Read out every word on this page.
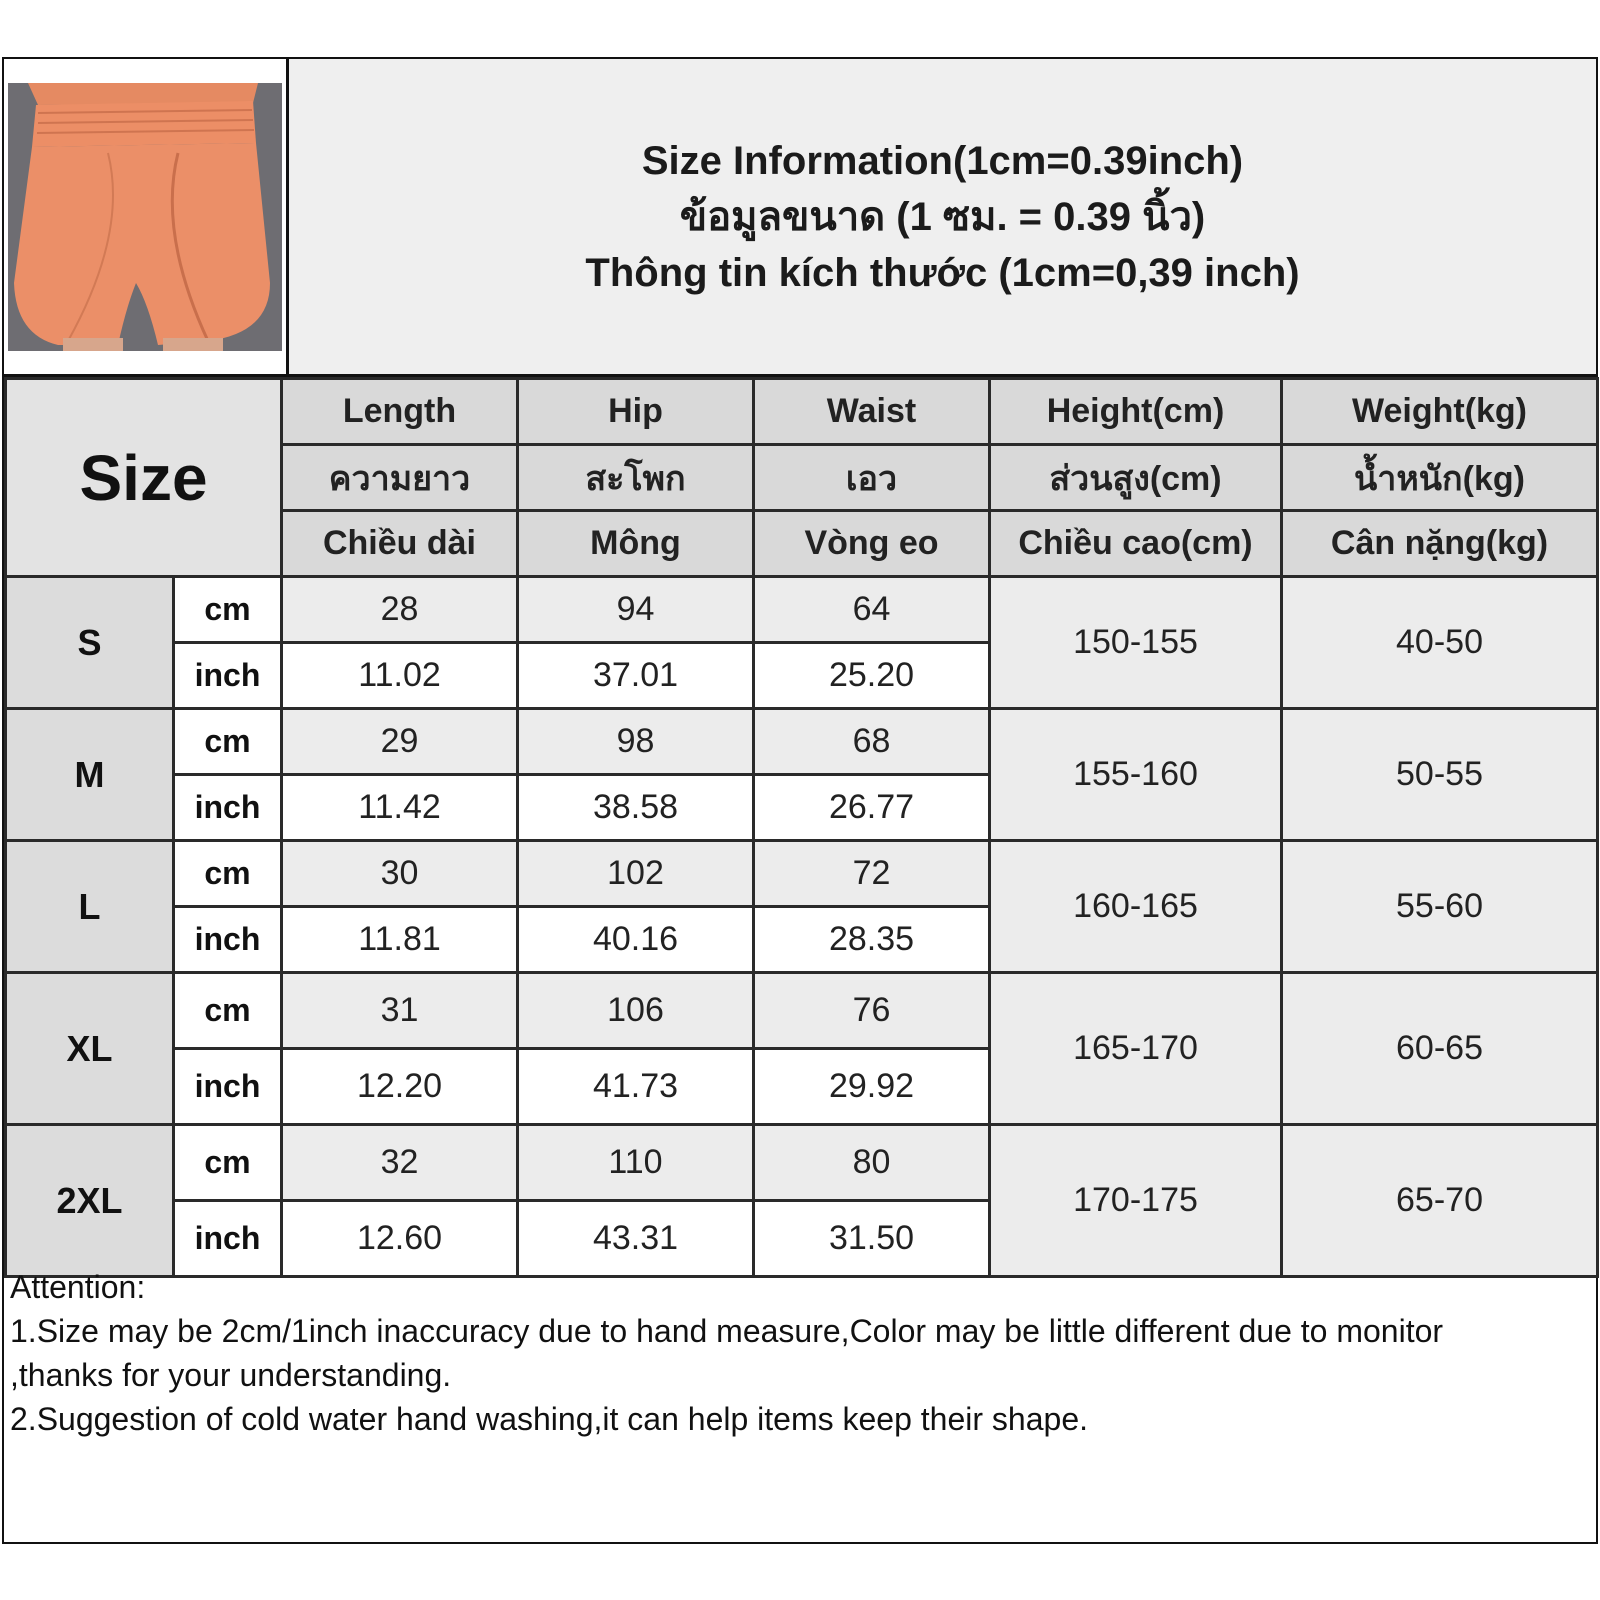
Size Information(1cm=0.39inch)
ข้อมูลขนาด (1 ซม. = 0.39 นิ้ว)
Thông tin kích thước (1cm=0,39 inch)
Size		Length	Hip	Waist	Height(cm)	Weight(kg)
		ความยาว	สะโพก	เอว	ส่วนสูง(cm)	น้ำหนัก(kg)
		Chiều dài	Mông	Vòng eo	Chiều cao(cm)	Cân nặng(kg)
S	cm	28	94	64	150-155	40-50
	inch	11.02	37.01	25.20		
M	cm	29	98	68	155-160	50-55
	inch	11.42	38.58	26.77		
L	cm	30	102	72	160-165	55-60
	inch	11.81	40.16	28.35		
XL	cm	31	106	76	165-170	60-65
	inch	12.20	41.73	29.92		
2XL	cm	32	110	80	170-175	65-70
	inch	12.60	43.31	31.50		

Attention:

1.Size may be 2cm/1inch inaccuracy due to hand measure,Color may be little different due to monitor

,thanks for your understanding.

2.Suggestion of cold water hand washing,it can help items keep their shape.
